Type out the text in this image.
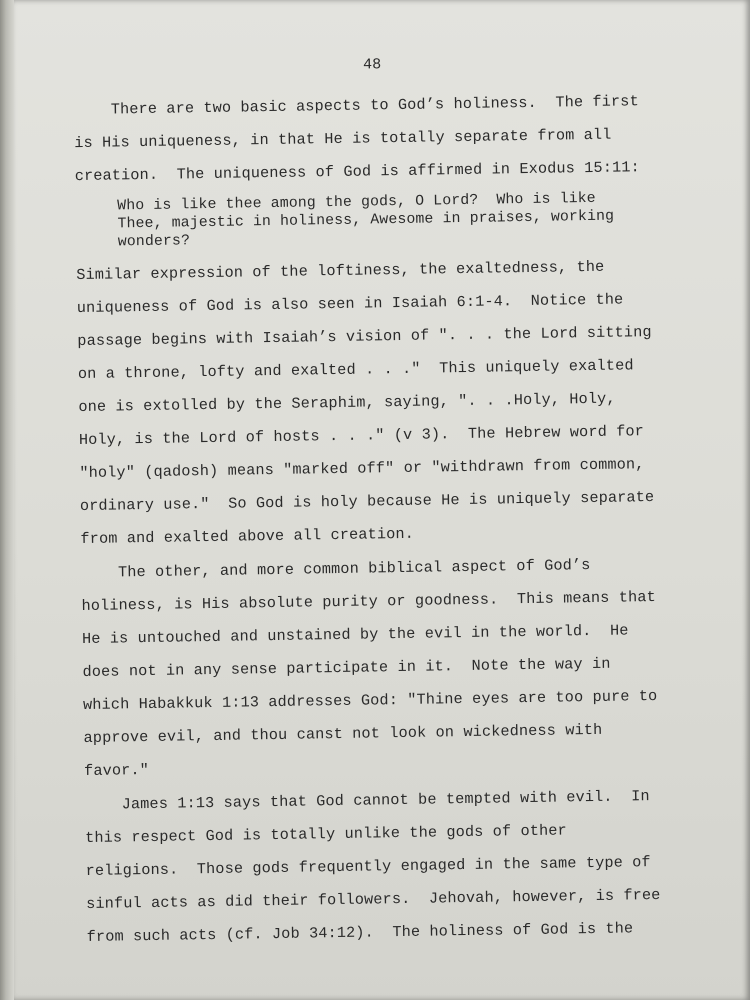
48
There are two basic aspects to God’s holiness.  The first
is His uniqueness, in that He is totally separate from all
creation.  The uniqueness of God is affirmed in Exodus 15:11:
Who is like thee among the gods, O Lord?  Who is like
Thee, majestic in holiness, Awesome in praises, working
wonders?
Similar expression of the loftiness, the exaltedness, the
uniqueness of God is also seen in Isaiah 6:1-4.  Notice the
passage begins with Isaiah’s vision of ". . . the Lord sitting
on a throne, lofty and exalted . . ."  This uniquely exalted
one is extolled by the Seraphim, saying, ". . .Holy, Holy,
Holy, is the Lord of hosts . . ." (v 3).  The Hebrew word for
"holy" (qadosh) means "marked off" or "withdrawn from common,
ordinary use."  So God is holy because He is uniquely separate
from and exalted above all creation.
The other, and more common biblical aspect of God’s
holiness, is His absolute purity or goodness.  This means that
He is untouched and unstained by the evil in the world.  He
does not in any sense participate in it.  Note the way in
which Habakkuk 1:13 addresses God: "Thine eyes are too pure to
approve evil, and thou canst not look on wickedness with
favor."
James 1:13 says that God cannot be tempted with evil.  In
this respect God is totally unlike the gods of other
religions.  Those gods frequently engaged in the same type of
sinful acts as did their followers.  Jehovah, however, is free
from such acts (cf. Job 34:12).  The holiness of God is the
